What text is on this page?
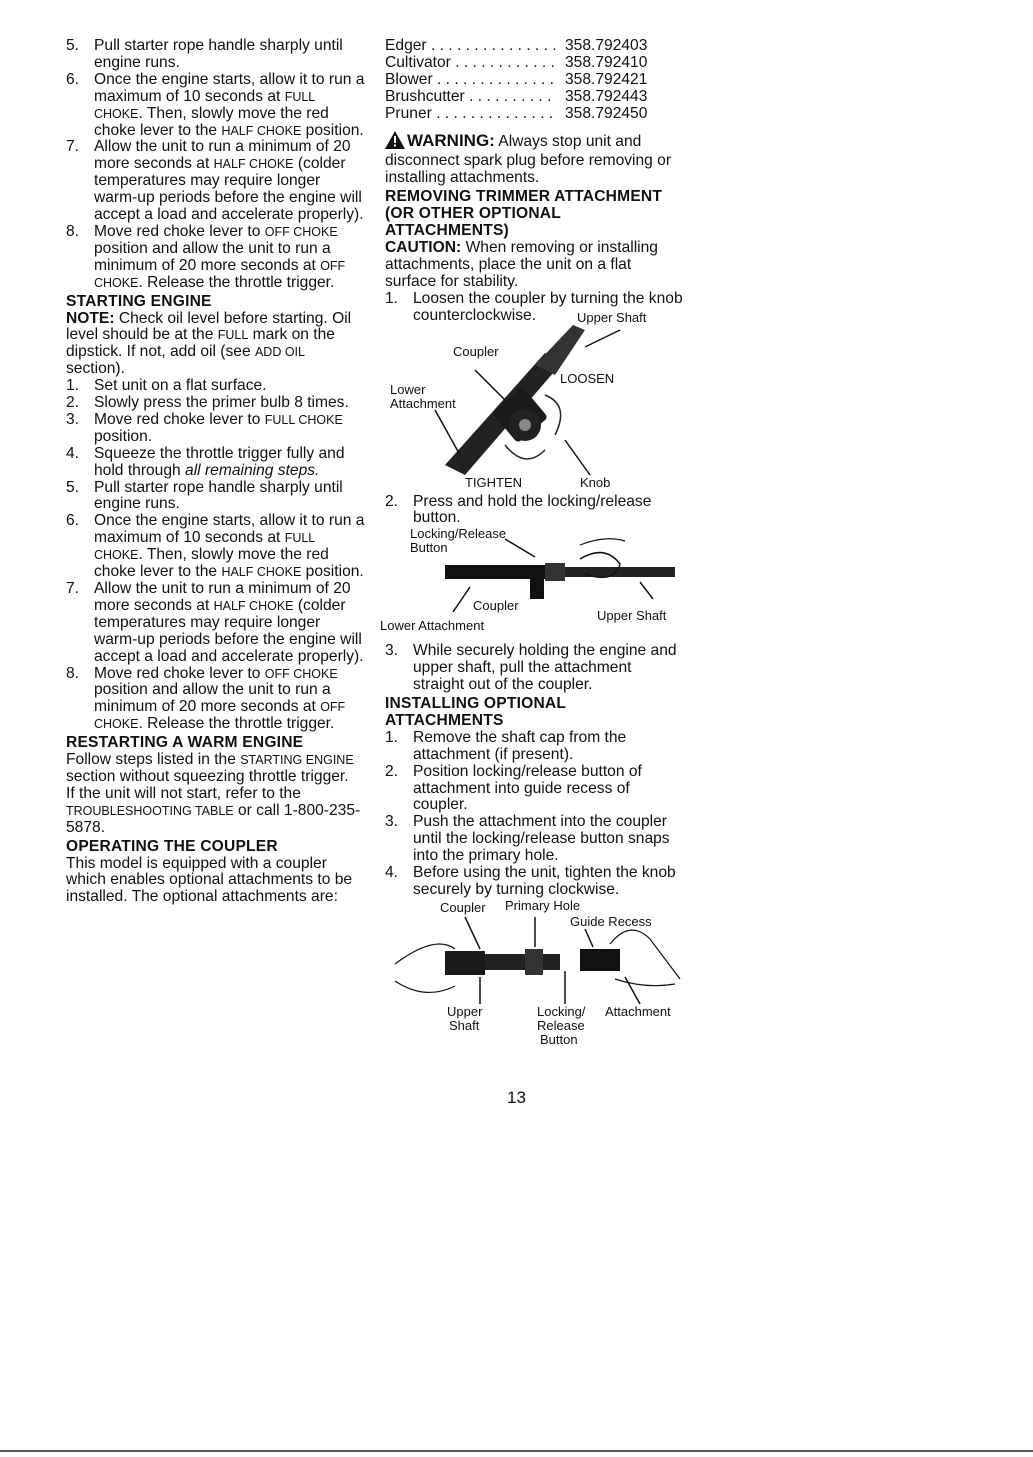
5. Pull starter rope handle sharply until engine runs.
6. Once the engine starts, allow it to run a maximum of 10 seconds at FULL CHOKE. Then, slowly move the red choke lever to the HALF CHOKE position.
7. Allow the unit to run a minimum of 20 more seconds at HALF CHOKE (colder temperatures may require longer warm-up periods before the engine will accept a load and accelerate properly).
8. Move red choke lever to OFF CHOKE position and allow the unit to run a minimum of 20 more seconds at OFF CHOKE. Release the throttle trigger.
STARTING ENGINE
NOTE: Check oil level before starting. Oil level should be at the FULL mark on the dipstick. If not, add oil (see ADD OIL section).
1. Set unit on a flat surface.
2. Slowly press the primer bulb 8 times.
3. Move red choke lever to FULL CHOKE position.
4. Squeeze the throttle trigger fully and hold through all remaining steps.
5. Pull starter rope handle sharply until engine runs.
6. Once the engine starts, allow it to run a maximum of 10 seconds at FULL CHOKE. Then, slowly move the red choke lever to the HALF CHOKE position.
7. Allow the unit to run a minimum of 20 more seconds at HALF CHOKE (colder temperatures may require longer warm-up periods before the engine will accept a load and accelerate properly).
8. Move red choke lever to OFF CHOKE position and allow the unit to run a minimum of 20 more seconds at OFF CHOKE. Release the throttle trigger.
RESTARTING A WARM ENGINE
Follow steps listed in the STARTING ENGINE section without squeezing throttle trigger.
If the unit will not start, refer to the TROUBLESHOOTING TABLE or call 1-800-235-5878.
OPERATING THE COUPLER
This model is equipped with a coupler which enables optional attachments to be installed. The optional attachments are:
Edger . . . . . . . . . . . . . . . 358.792403
Cultivator . . . . . . . . . . . . 358.792410
Blower . . . . . . . . . . . . . . 358.792421
Brushcutter . . . . . . . . . . 358.792443
Pruner . . . . . . . . . . . . . . 358.792450
WARNING: Always stop unit and disconnect spark plug before removing or installing attachments.
REMOVING TRIMMER ATTACHMENT (OR OTHER OPTIONAL ATTACHMENTS)
CAUTION: When removing or installing attachments, place the unit on a flat surface for stability.
1. Loosen the coupler by turning the knob counterclockwise.	Upper Shaft
Coupler
LOOSEN
Lower
Attachment
TIGHTEN	Knob
2. Press and hold the locking/release button.
Locking/Release
Button
Coupler
Upper Shaft
Lower Attachment
3. While securely holding the engine and upper shaft, pull the attachment straight out of the coupler.
INSTALLING OPTIONAL ATTACHMENTS
1. Remove the shaft cap from the attachment (if present).
2. Position locking/release button of attachment into guide recess of coupler.
3. Push the attachment into the coupler until the locking/release button snaps into the primary hole.
4. Before using the unit, tighten the knob securely by turning clockwise.
Coupler Primary Hole
Guide Recess
Upper
Shaft
Locking/
Release
Button
Attachment
13
